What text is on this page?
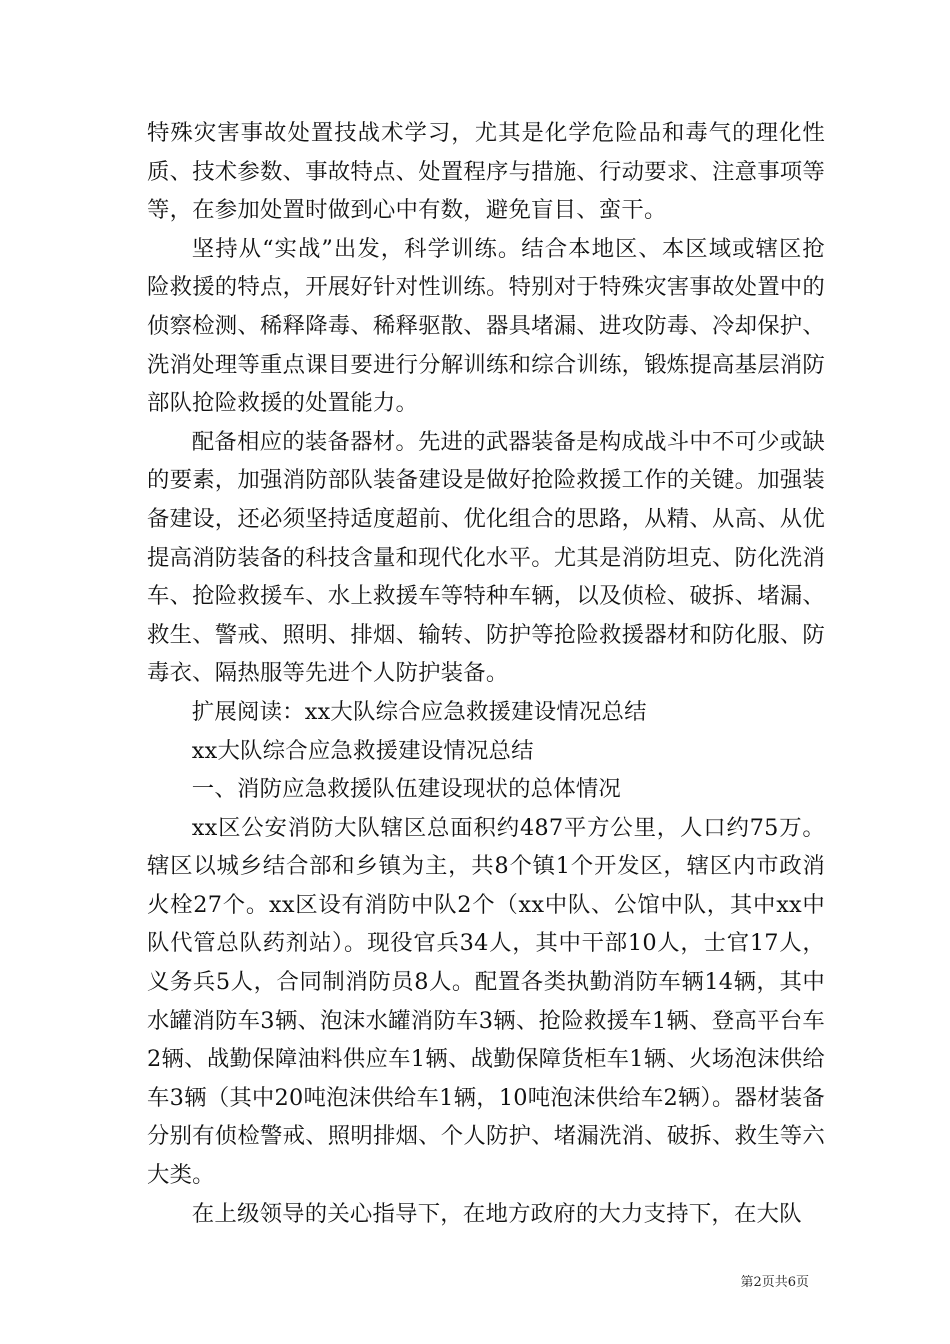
特殊灾害事故处置技战术学习，尤其是化学危险品和毒气的理化性质、技术参数、事故特点、处置程序与措施、行动要求、注意事项等等，在参加处置时做到心中有数，避免盲目、蛮干。

坚持从“实战”出发，科学训练。结合本地区、本区域或辖区抢险救援的特点，开展好针对性训练。特别对于特殊灾害事故处置中的侦察检测、稀释降毒、稀释驱散、器具堵漏、进攻防毒、冷却保护、洗消处理等重点课目要进行分解训练和综合训练，锻炼提高基层消防部队抢险救援的处置能力。

配备相应的装备器材。先进的武器装备是构成战斗中不可少或缺的要素，加强消防部队装备建设是做好抢险救援工作的关键。加强装备建设，还必须坚持适度超前、优化组合的思路，从精、从高、从优提高消防装备的科技含量和现代化水平。尤其是消防坦克、防化洗消车、抢险救援车、水上救援车等特种车辆，以及侦检、破拆、堵漏、救生、警戒、照明、排烟、输转、防护等抢险救援器材和防化服、防毒衣、隔热服等先进个人防护装备。

扩展阅读：xx大队综合应急救援建设情况总结

xx大队综合应急救援建设情况总结

一、消防应急救援队伍建设现状的总体情况

xx区公安消防大队辖区总面积约487平方公里，人口约75万。辖区以城乡结合部和乡镇为主，共8个镇1个开发区，辖区内市政消火栓27个。xx区设有消防中队2个（xx中队、公馆中队，其中xx中队代管总队药剂站）。现役官兵34人，其中干部10人，士官17人，义务兵5人，合同制消防员8人。配置各类执勤消防车辆14辆，其中水罐消防车3辆、泡沫水罐消防车3辆、抢险救援车1辆、登高平台车2辆、战勤保障油料供应车1辆、战勤保障货柜车1辆、火场泡沫供给车3辆（其中20吨泡沫供给车1辆，10吨泡沫供给车2辆）。器材装备分别有侦检警戒、照明排烟、个人防护、堵漏洗消、破拆、救生等六大类。

在上级领导的关心指导下，在地方政府的大力支持下，在大队

第2页共6页
